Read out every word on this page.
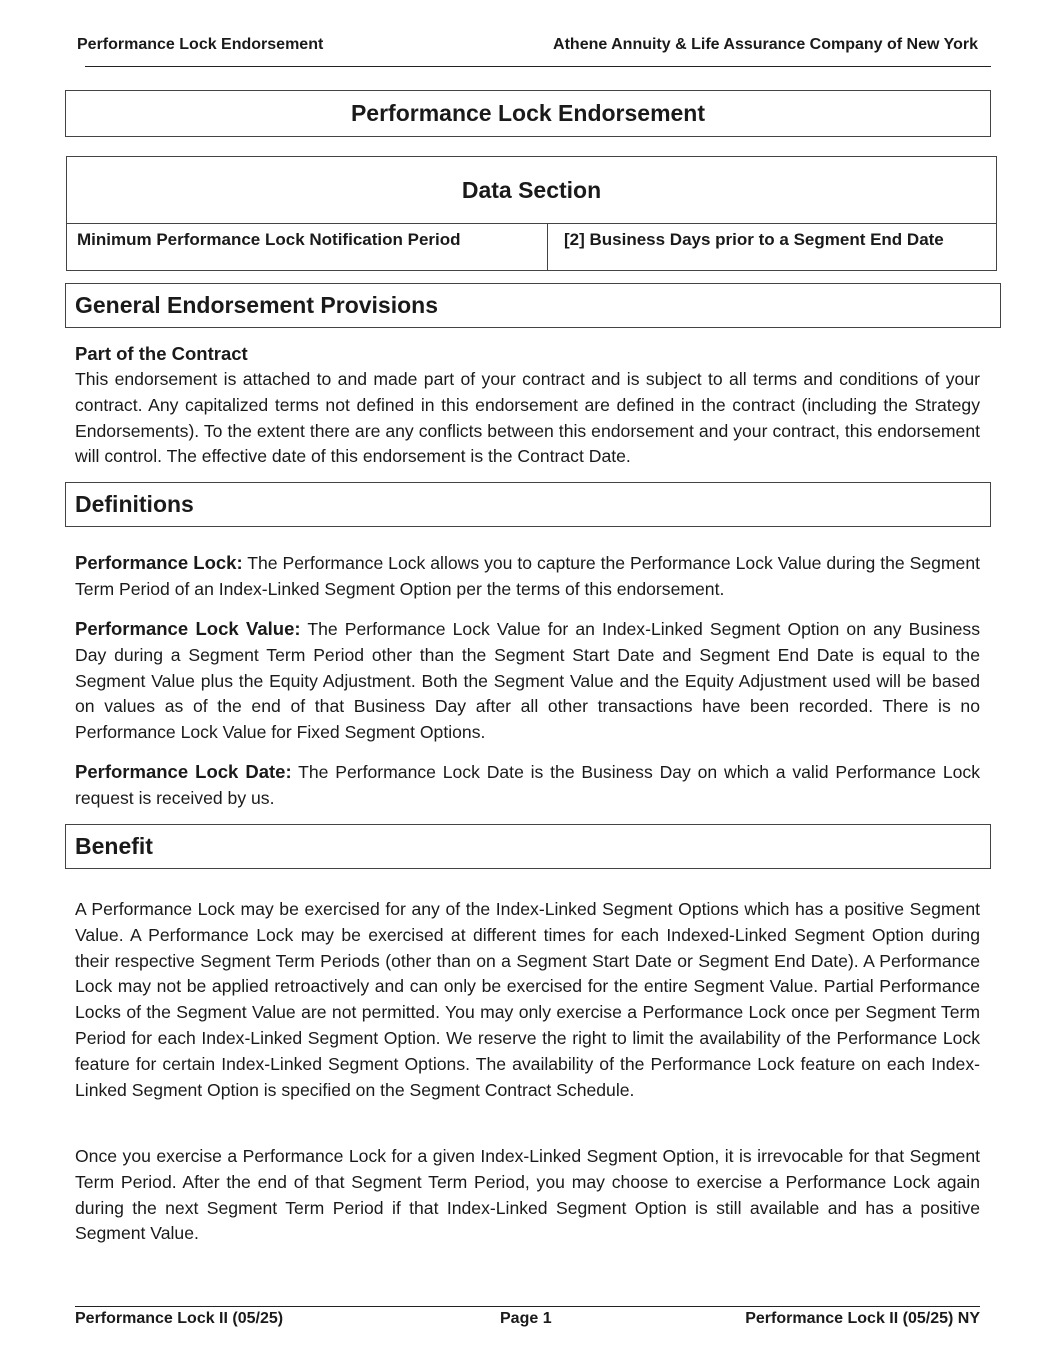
Performance Lock Endorsement	Athene Annuity & Life Assurance Company of New York
Performance Lock Endorsement
Data Section
Minimum Performance Lock Notification Period	[2] Business Days prior to a Segment End Date
General Endorsement Provisions
Part of the Contract

This endorsement is attached to and made part of your contract and is subject to all terms and conditions of your contract. Any capitalized terms not defined in this endorsement are defined in the contract (including the Strategy Endorsements). To the extent there are any conflicts between this endorsement and your contract, this endorsement will control. The effective date of this endorsement is the Contract Date.

Definitions

Performance Lock: The Performance Lock allows you to capture the Performance Lock Value during the Segment Term Period of an Index-Linked Segment Option per the terms of this endorsement.

Performance Lock Value: The Performance Lock Value for an Index-Linked Segment Option on any Business Day during a Segment Term Period other than the Segment Start Date and Segment End Date is equal to the Segment Value plus the Equity Adjustment. Both the Segment Value and the Equity Adjustment used will be based on values as of the end of that Business Day after all other transactions have been recorded. There is no Performance Lock Value for Fixed Segment Options.

Performance Lock Date: The Performance Lock Date is the Business Day on which a valid Performance Lock request is received by us.

Benefit
A Performance Lock may be exercised for any of the Index-Linked Segment Options which has a positive Segment Value. A Performance Lock may be exercised at different times for each Indexed-Linked Segment Option during their respective Segment Term Periods (other than on a Segment Start Date or Segment End Date). A Performance Lock may not be applied retroactively and can only be exercised for the entire Segment Value. Partial Performance Locks of the Segment Value are not permitted. You may only exercise a Performance Lock once per Segment Term Period for each Index-Linked Segment Option. We reserve the right to limit the availability of the Performance Lock feature for certain Index-Linked Segment Options. The availability of the Performance Lock feature on each Index-Linked Segment Option is specified on the Segment Contract Schedule.
Once you exercise a Performance Lock for a given Index-Linked Segment Option, it is irrevocable for that Segment Term Period. After the end of that Segment Term Period, you may choose to exercise a Performance Lock again during the next Segment Term Period if that Index-Linked Segment Option is still available and has a positive Segment Value.
Performance Lock II (05/25)	Page 1	Performance Lock II (05/25) NY
